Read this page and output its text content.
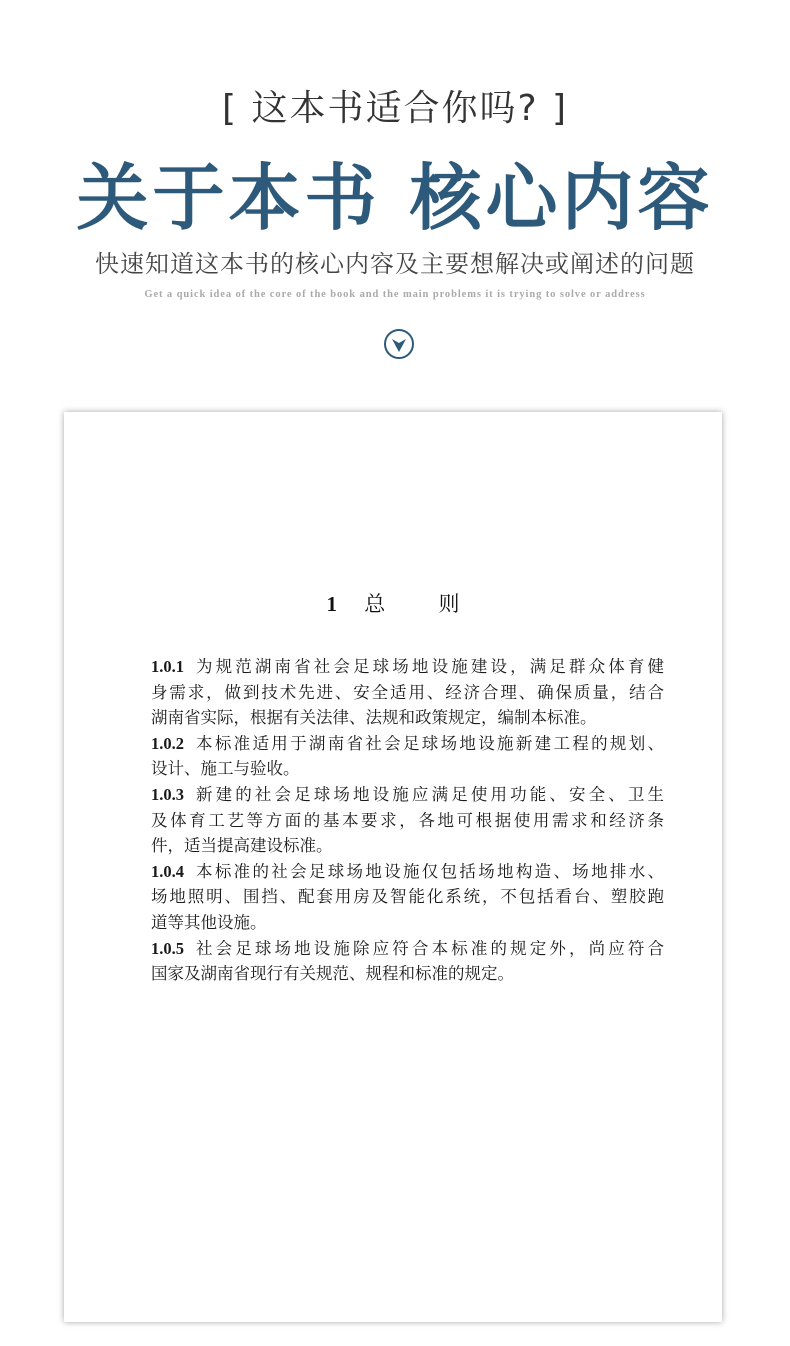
[ 这本书适合你吗? ]
关于本书 核心内容
快速知道这本书的核心内容及主要想解决或阐述的问题
Get a quick idea of the core of the book and the main problems it is trying to solve or address
1 总	则
1.0.1 为规范湖南省社会足球场地设施建设，满足群众体育健
身需求，做到技术先进、安全适用、经济合理、确保质量，结合
湖南省实际，根据有关法律、法规和政策规定，编制本标准。
1.0.2 本标准适用于湖南省社会足球场地设施新建工程的规划、
设计、施工与验收。
1.0.3 新建的社会足球场地设施应满足使用功能、安全、卫生
及体育工艺等方面的基本要求，各地可根据使用需求和经济条
件，适当提高建设标准。
1.0.4 本标准的社会足球场地设施仅包括场地构造、场地排水、
场地照明、围挡、配套用房及智能化系统，不包括看台、塑胶跑
道等其他设施。
1.0.5 社会足球场地设施除应符合本标准的规定外，尚应符合
国家及湖南省现行有关规范、规程和标准的规定。
